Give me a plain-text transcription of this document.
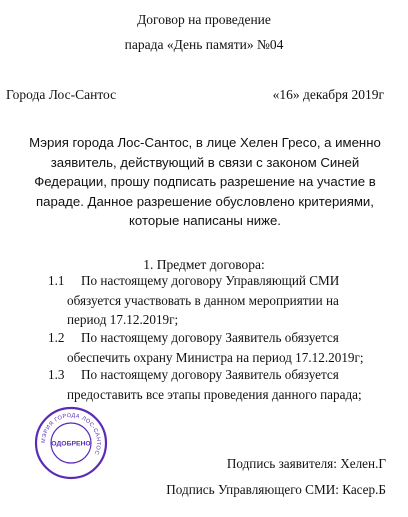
Договор на проведение
парада «День памяти» №04
Города Лос-Сантос	«16» декабря 2019г
Мэрия города Лос-Сантос, в лице Хелен Гресо, а именно
заявитель, действующий в связи с законом Синей
Федерации, прошу подписать разрешение на участие в
параде. Данное разрешение обусловлено критериями,
которые написаны ниже.
1. Предмет договора:
1.1 По настоящему договору Управляющий СМИ
обязуется участвовать в данном мероприятии на
период 17.12.2019г;
1.2 По настоящему договору Заявитель обязуется
обеспечить охрану Министра на период 17.12.2019г;
1.3 По настоящему договору Заявитель обязуется
предоставить все этапы проведения данного парада;
МЭРИЯ ГОРОДА ЛОС-САНТОС
ОДОБРЕНО
Подпись заявителя: Хелен.Г
Подпись Управляющего СМИ: Касер.Б
